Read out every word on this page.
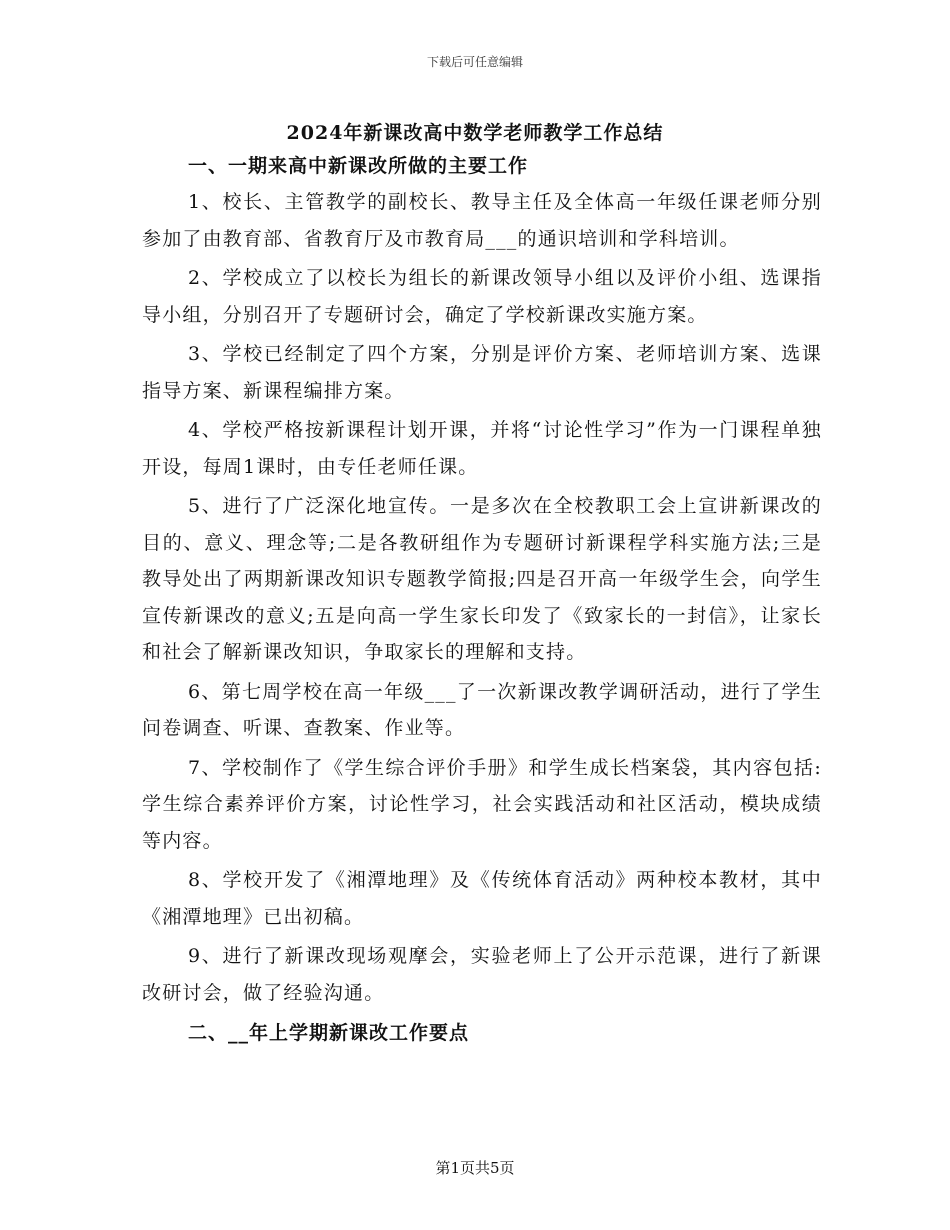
下载后可任意编辑
2024年新课改高中数学老师教学工作总结

一、一期来高中新课改所做的主要工作

1、校长、主管教学的副校长、教导主任及全体高一年级任课老师分别参加了由教育部、省教育厅及市教育局___的通识培训和学科培训。

2、学校成立了以校长为组长的新课改领导小组以及评价小组、选课指导小组，分别召开了专题研讨会，确定了学校新课改实施方案。

3、学校已经制定了四个方案，分别是评价方案、老师培训方案、选课指导方案、新课程编排方案。

4、学校严格按新课程计划开课，并将“讨论性学习”作为一门课程单独开设，每周1课时，由专任老师任课。

5、进行了广泛深化地宣传。一是多次在全校教职工会上宣讲新课改的目的、意义、理念等;二是各教研组作为专题研讨新课程学科实施方法;三是教导处出了两期新课改知识专题教学简报;四是召开高一年级学生会，向学生宣传新课改的意义;五是向高一学生家长印发了《致家长的一封信》，让家长和社会了解新课改知识，争取家长的理解和支持。

6、第七周学校在高一年级___了一次新课改教学调研活动，进行了学生问卷调查、听课、查教案、作业等。

7、学校制作了《学生综合评价手册》和学生成长档案袋，其内容包括:学生综合素养评价方案，讨论性学习，社会实践活动和社区活动，模块成绩等内容。

8、学校开发了《湘潭地理》及《传统体育活动》两种校本教材，其中《湘潭地理》已出初稿。

9、进行了新课改现场观摩会，实验老师上了公开示范课，进行了新课改研讨会，做了经验沟通。

二、__年上学期新课改工作要点

第1页共5页
